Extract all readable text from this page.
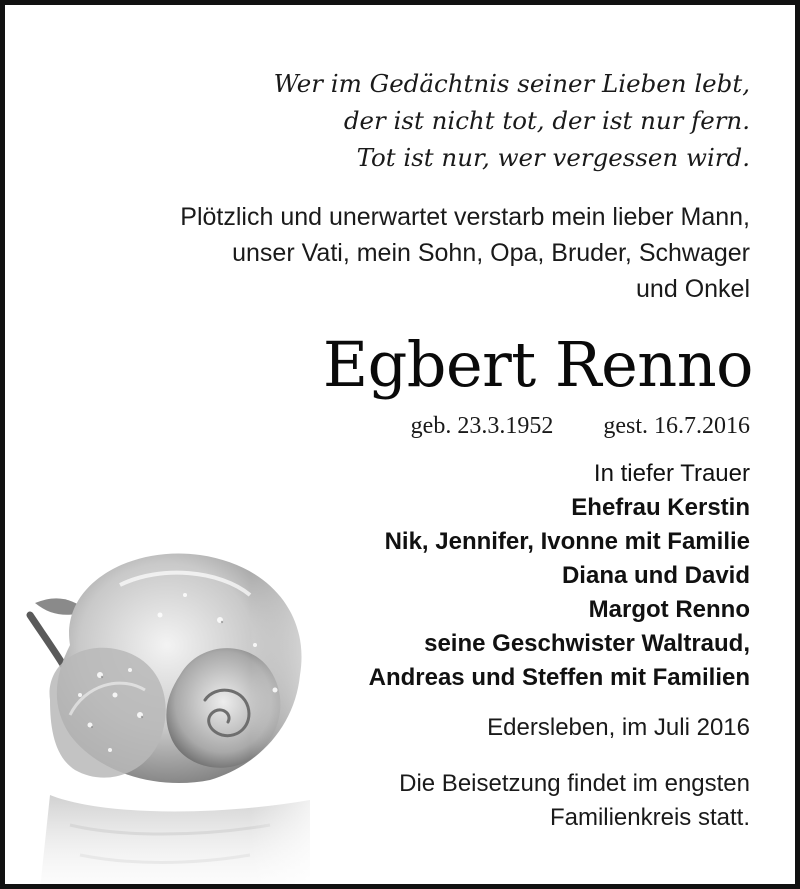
Wer im Gedächtnis seiner Lieben lebt,
der ist nicht tot, der ist nur fern.
Tot ist nur, wer vergessen wird.
Plötzlich und unerwartet verstarb mein lieber Mann,
unser Vati, mein Sohn, Opa, Bruder, Schwager
und Onkel
Egbert Renno
geb. 23.3.1952 gest. 16.7.2016
In tiefer Trauer
Ehefrau Kerstin
Nik, Jennifer, Ivonne mit Familie
Diana und David
Margot Renno
seine Geschwister Waltraud,
Andreas und Steffen mit Familien
Edersleben, im Juli 2016
Die Beisetzung findet im engsten
Familienkreis statt.
